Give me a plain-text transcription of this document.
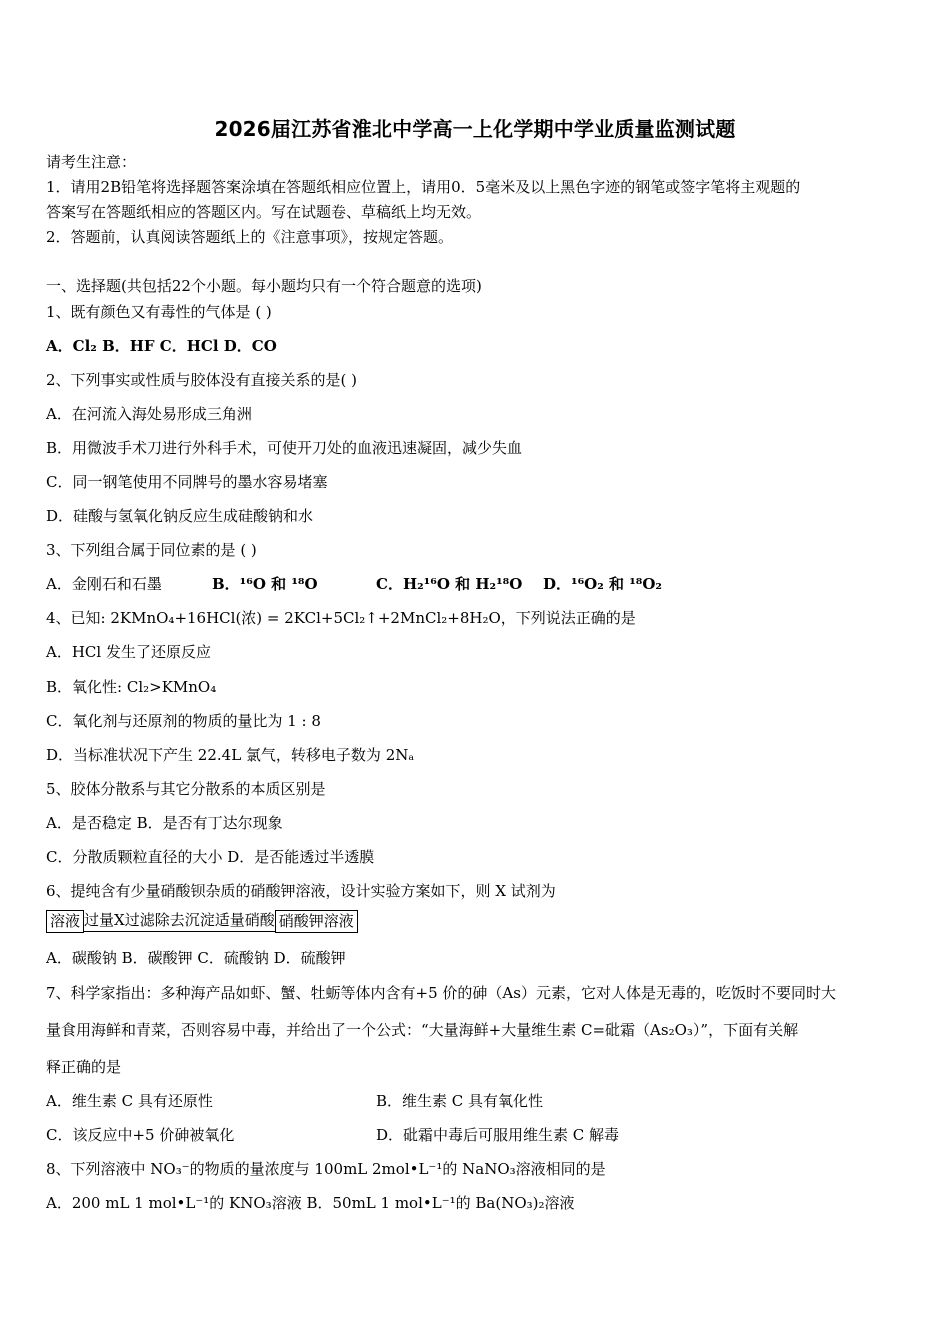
2026届江苏省淮北中学高一上化学期中学业质量监测试题
请考生注意：
1．请用2B铅笔将选择题答案涂填在答题纸相应位置上，请用0．5毫米及以上黑色字迹的钢笔或签字笔将主观题的
答案写在答题纸相应的答题区内。写在试题卷、草稿纸上均无效。
2．答题前，认真阅读答题纸上的《注意事项》，按规定答题。
一、选择题(共包括22个小题。每小题均只有一个符合题意的选项)
1、既有颜色又有毒性的气体是 ( )
A．Cl₂ B．HF C．HCl D．CO
2、下列事实或性质与胶体没有直接关系的是( )
A．在河流入海处易形成三角洲
B．用微波手术刀进行外科手术，可使开刀处的血液迅速凝固，减少失血
C．同一钢笔使用不同牌号的墨水容易堵塞
D．硅酸与氢氧化钠反应生成硅酸钠和水
3、下列组合属于同位素的是 ( )
A．金刚石和石墨	B．¹⁶O 和 ¹⁸O	C．H₂¹⁶O 和 H₂¹⁸O D．¹⁶O₂ 和 ¹⁸O₂
4、已知: 2KMnO₄+16HCl(浓) = 2KCl+5Cl₂↑+2MnCl₂+8H₂O，下列说法正确的是
A．HCl 发生了还原反应
B．氧化性: Cl₂>KMnO₄
C．氧化剂与还原剂的物质的量比为 1 : 8
D．当标准状况下产生 22.4L 氯气，转移电子数为 2Nₐ
5、胶体分散系与其它分散系的本质区别是
A．是否稳定 B．是否有丁达尔现象
C．分散质颗粒直径的大小 D．是否能透过半透膜
6、提纯含有少量硝酸钡杂质的硝酸钾溶液，设计实验方案如下，则 X 试剂为
溶液 过量X过滤除去沉淀适量硝酸 硝酸钾溶液
A．碳酸钠 B．碳酸钾 C．硫酸钠 D．硫酸钾
7、科学家指出：多种海产品如虾、蟹、牡蛎等体内含有+5 价的砷（As）元素，它对人体是无毒的，吃饭时不要同时大
量食用海鲜和青菜，否则容易中毒，并给出了一个公式：“大量海鲜+大量维生素 C=砒霜（As₂O₃）”，下面有关解
释正确的是
A．维生素 C 具有还原性	B．维生素 C 具有氧化性
C．该反应中+5 价砷被氧化	D．砒霜中毒后可服用维生素 C 解毒
8、下列溶液中 NO₃⁻的物质的量浓度与 100mL 2mol•L⁻¹的 NaNO₃溶液相同的是
A．200 mL 1 mol•L⁻¹的 KNO₃溶液 B．50mL 1 mol•L⁻¹的 Ba(NO₃)₂溶液
